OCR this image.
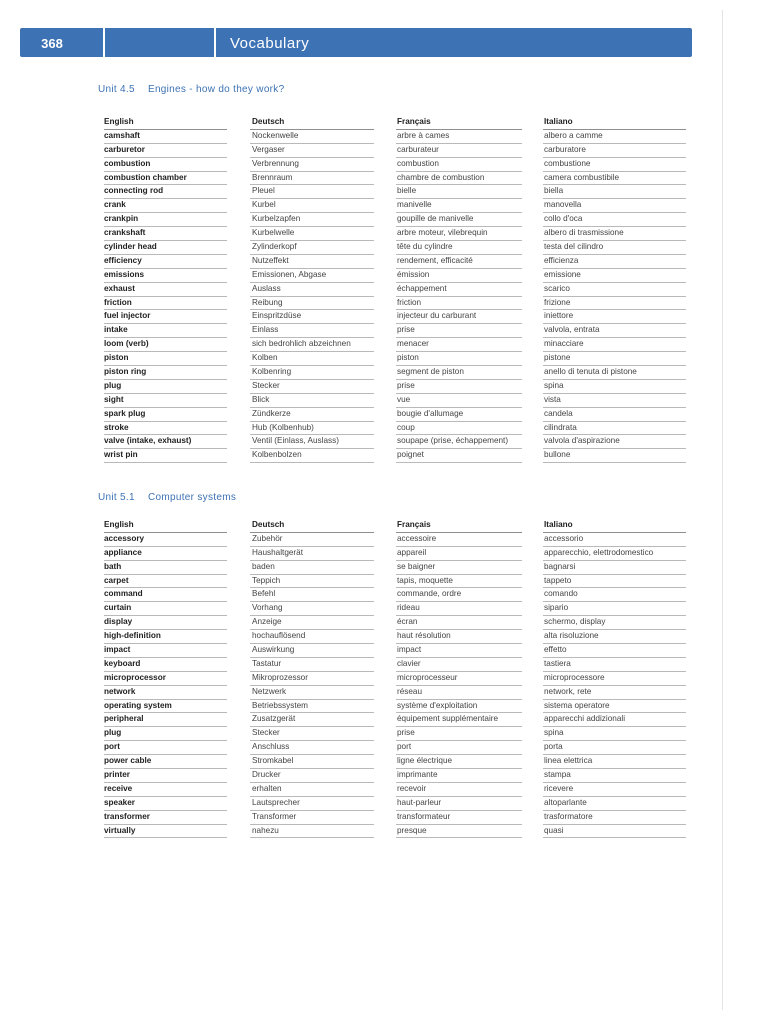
368	Vocabulary
Unit 4.5 Engines - how do they work?
English	Deutsch	Français	Italiano
camshaft	Nockenwelle	arbre à cames	albero a camme
carburetor	Vergaser	carburateur	carburatore
combustion	Verbrennung	combustion	combustione
combustion chamber	Brennraum	chambre de combustion	camera combustibile
connecting rod	Pleuel	bielle	biella
crank	Kurbel	manivelle	manovella
crankpin	Kurbelzapfen	goupille de manivelle	collo d'oca
crankshaft	Kurbelwelle	arbre moteur, vilebrequin	albero di trasmissione
cylinder head	Zylinderkopf	tête du cylindre	testa del cilindro
efficiency	Nutzeffekt	rendement, efficacité	efficienza
emissions	Emissionen, Abgase	émission	emissione
exhaust	Auslass	échappement	scarico
friction	Reibung	friction	frizione
fuel injector	Einspritzdüse	injecteur du carburant	iniettore
intake	Einlass	prise	valvola, entrata
loom (verb)	sich bedrohlich abzeichnen	menacer	minacciare
piston	Kolben	piston	pistone
piston ring	Kolbenring	segment de piston	anello di tenuta di pistone
plug	Stecker	prise	spina
sight	Blick	vue	vista
spark plug	Zündkerze	bougie d'allumage	candela
stroke	Hub (Kolbenhub)	coup	cilindrata
valve (intake, exhaust)	Ventil (Einlass, Auslass)	soupape (prise, échappement)	valvola d'aspirazione
wrist pin	Kolbenbolzen	poignet	bullone
Unit 5.1 Computer systems
English	Deutsch	Français	Italiano
accessory	Zubehör	accessoire	accessorio
appliance	Haushaltgerät	appareil	apparecchio, elettrodomestico
bath	baden	se baigner	bagnarsi
carpet	Teppich	tapis, moquette	tappeto
command	Befehl	commande, ordre	comando
curtain	Vorhang	rideau	sipario
display	Anzeige	écran	schermo, display
high-definition	hochauflösend	haut résolution	alta risoluzione
impact	Auswirkung	impact	effetto
keyboard	Tastatur	clavier	tastiera
microprocessor	Mikroprozessor	microprocesseur	microprocessore
network	Netzwerk	réseau	network, rete
operating system	Betriebssystem	système d'exploitation	sistema operatore
peripheral	Zusatzgerät	équipement supplémentaire	apparecchi addizionali
plug	Stecker	prise	spina
port	Anschluss	port	porta
power cable	Stromkabel	ligne électrique	linea elettrica
printer	Drucker	imprimante	stampa
receive	erhalten	recevoir	ricevere
speaker	Lautsprecher	haut-parleur	altoparlante
transformer	Transformer	transformateur	trasformatore
virtually	nahezu	presque	quasi
